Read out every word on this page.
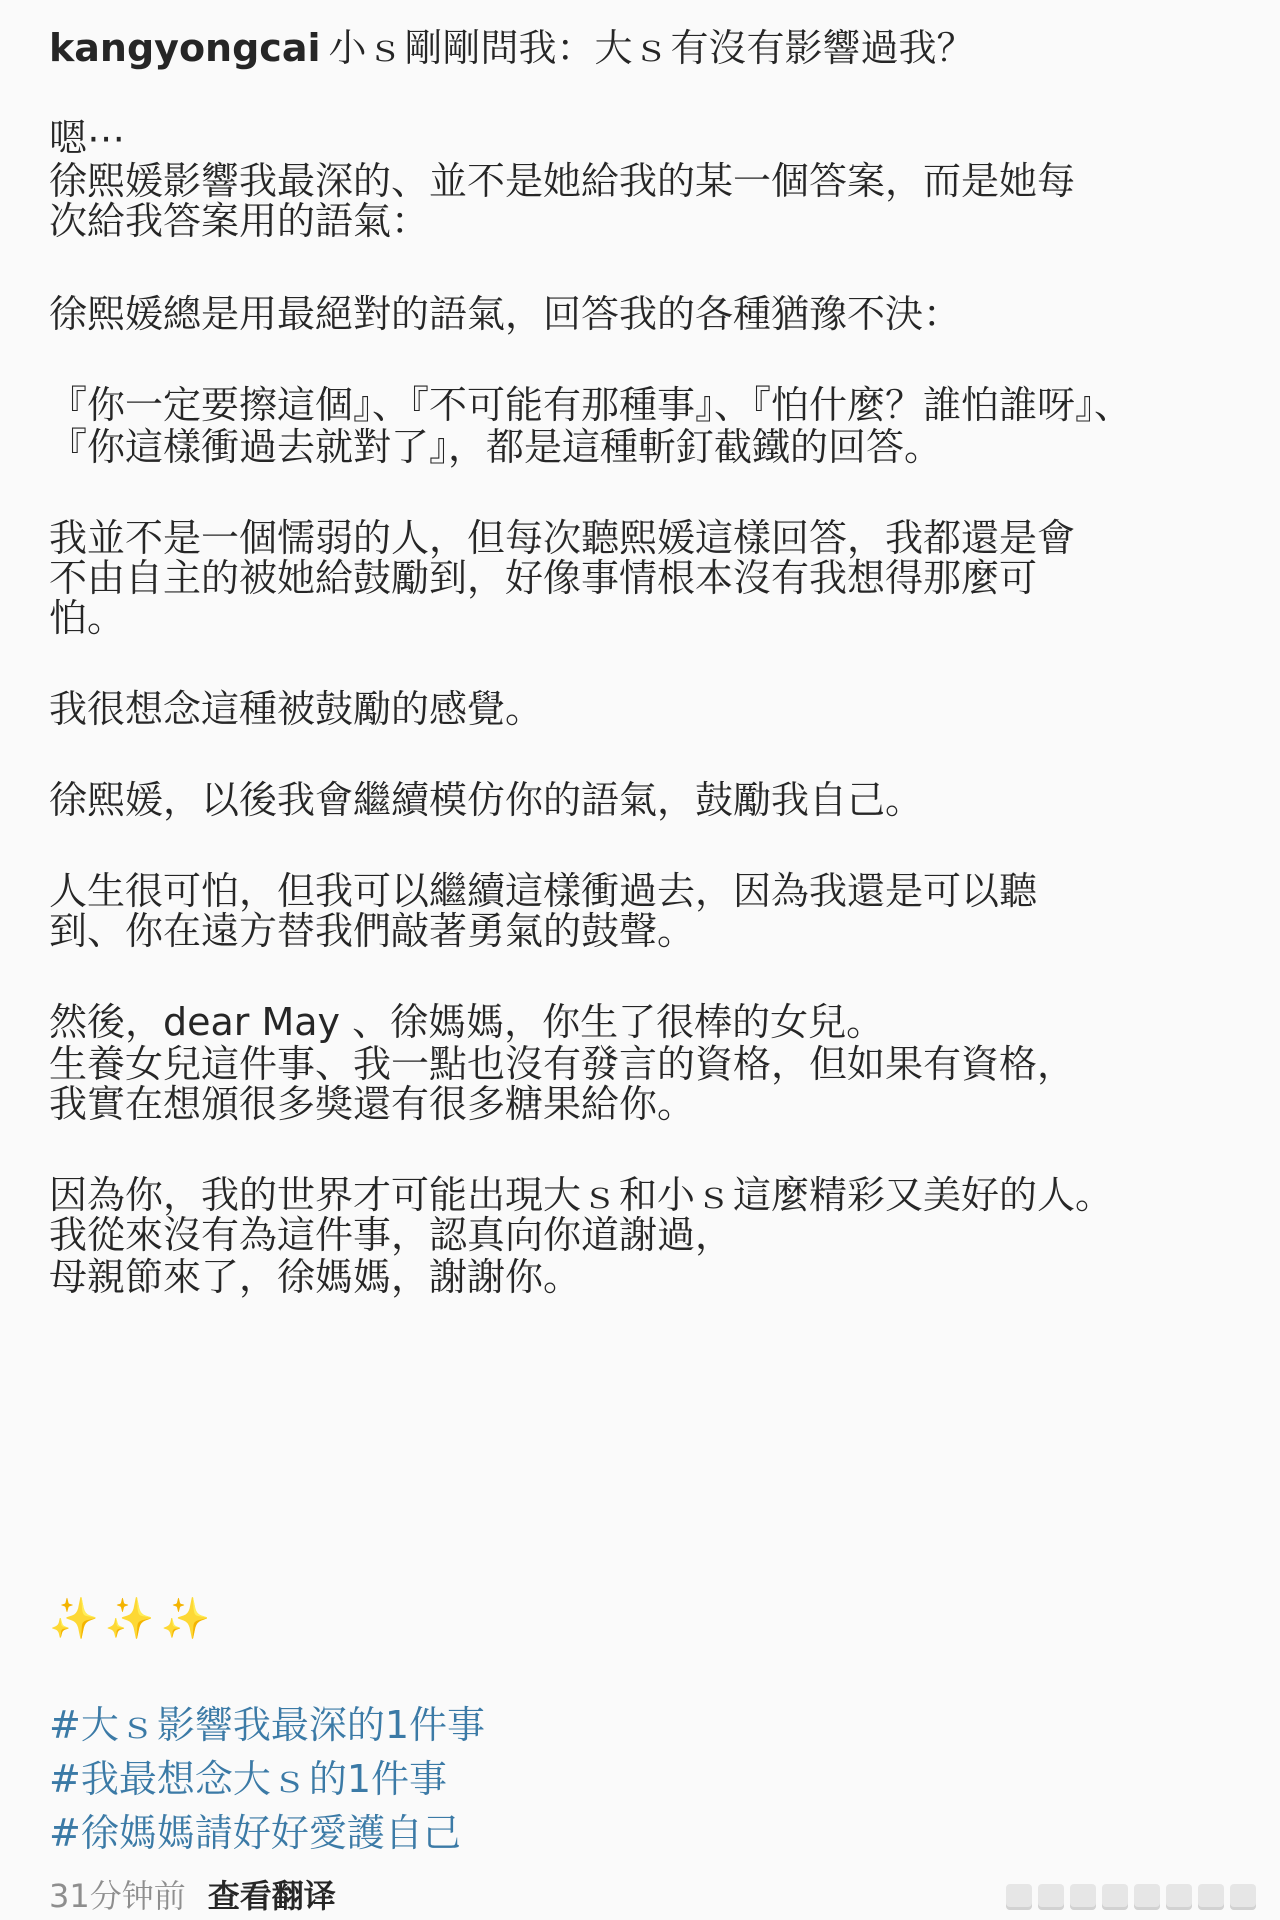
kangyongcai 小ｓ剛剛問我：大ｓ有沒有影響過我？

嗯⋯
徐熙媛影響我最深的、並不是她給我的某一個答案，而是她每
次給我答案用的語氣：

徐熙媛總是用最絕對的語氣，回答我的各種猶豫不決：

『你一定要擦這個』、『不可能有那種事』、『怕什麼？誰怕誰呀』、
『你這樣衝過去就對了』，都是這種斬釘截鐵的回答。

我並不是一個懦弱的人，但每次聽熙媛這樣回答，我都還是會
不由自主的被她給鼓勵到，好像事情根本沒有我想得那麼可
怕。

我很想念這種被鼓勵的感覺。

徐熙媛，以後我會繼續模仿你的語氣，鼓勵我自己。

人生很可怕，但我可以繼續這樣衝過去，因為我還是可以聽
到、你在遠方替我們敲著勇氣的鼓聲。

然後，dear May 、徐媽媽，你生了很棒的女兒。
生養女兒這件事、我一點也沒有發言的資格，但如果有資格，
我實在想頒很多獎還有很多糖果給你。

因為你，我的世界才可能出現大ｓ和小ｓ這麼精彩又美好的人。
我從來沒有為這件事，認真向你道謝過，
母親節來了，徐媽媽，謝謝你。

✨✨✨
#大ｓ影響我最深的1件事
#我最想念大ｓ的1件事
#徐媽媽請好好愛護自己
31分钟前 查看翻译
